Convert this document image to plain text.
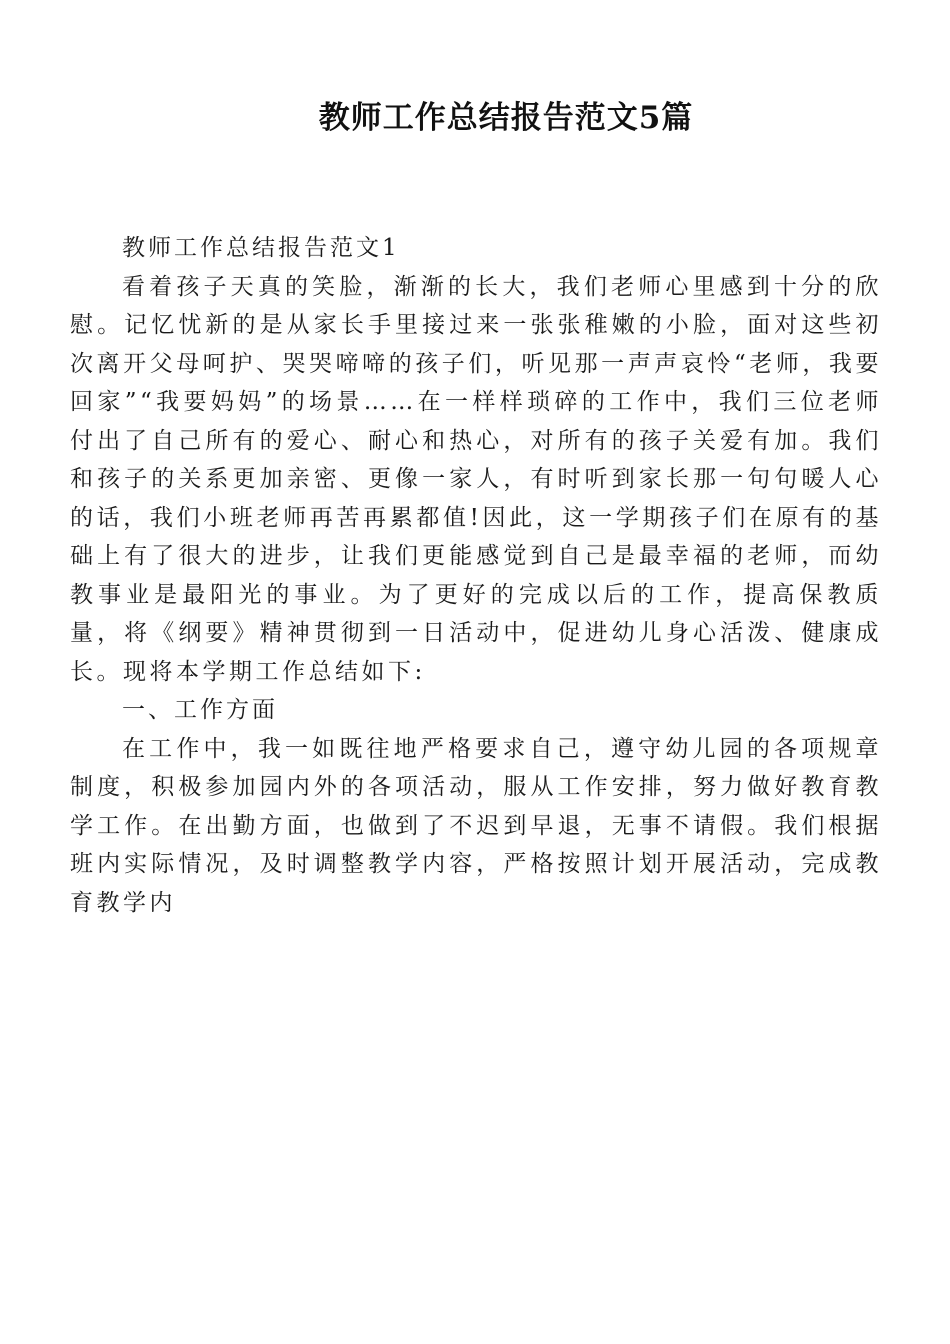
教师工作总结报告范文5篇

教师工作总结报告范文1

看着孩子天真的笑脸，渐渐的长大，我们老师心里感到十分的欣慰。记忆忧新的是从家长手里接过来一张张稚嫩的小脸，面对这些初次离开父母呵护、哭哭啼啼的孩子们，听见那一声声哀怜“老师，我要回家”“我要妈妈”的场景……在一样样琐碎的工作中，我们三位老师付出了自己所有的爱心、耐心和热心，对所有的孩子关爱有加。我们和孩子的关系更加亲密、更像一家人，有时听到家长那一句句暖人心的话，我们小班老师再苦再累都值!因此，这一学期孩子们在原有的基础上有了很大的进步，让我们更能感觉到自己是最幸福的老师，而幼教事业是最阳光的事业。为了更好的完成以后的工作，提高保教质量，将《纲要》精神贯彻到一日活动中，促进幼儿身心活泼、健康成长。现将本学期工作总结如下:

一、工作方面

在工作中，我一如既往地严格要求自己，遵守幼儿园的各项规章制度，积极参加园内外的各项活动，服从工作安排，努力做好教育教学工作。在出勤方面，也做到了不迟到早退，无事不请假。我们根据班内实际情况，及时调整教学内容，严格按照计划开展活动，完成教育教学内
